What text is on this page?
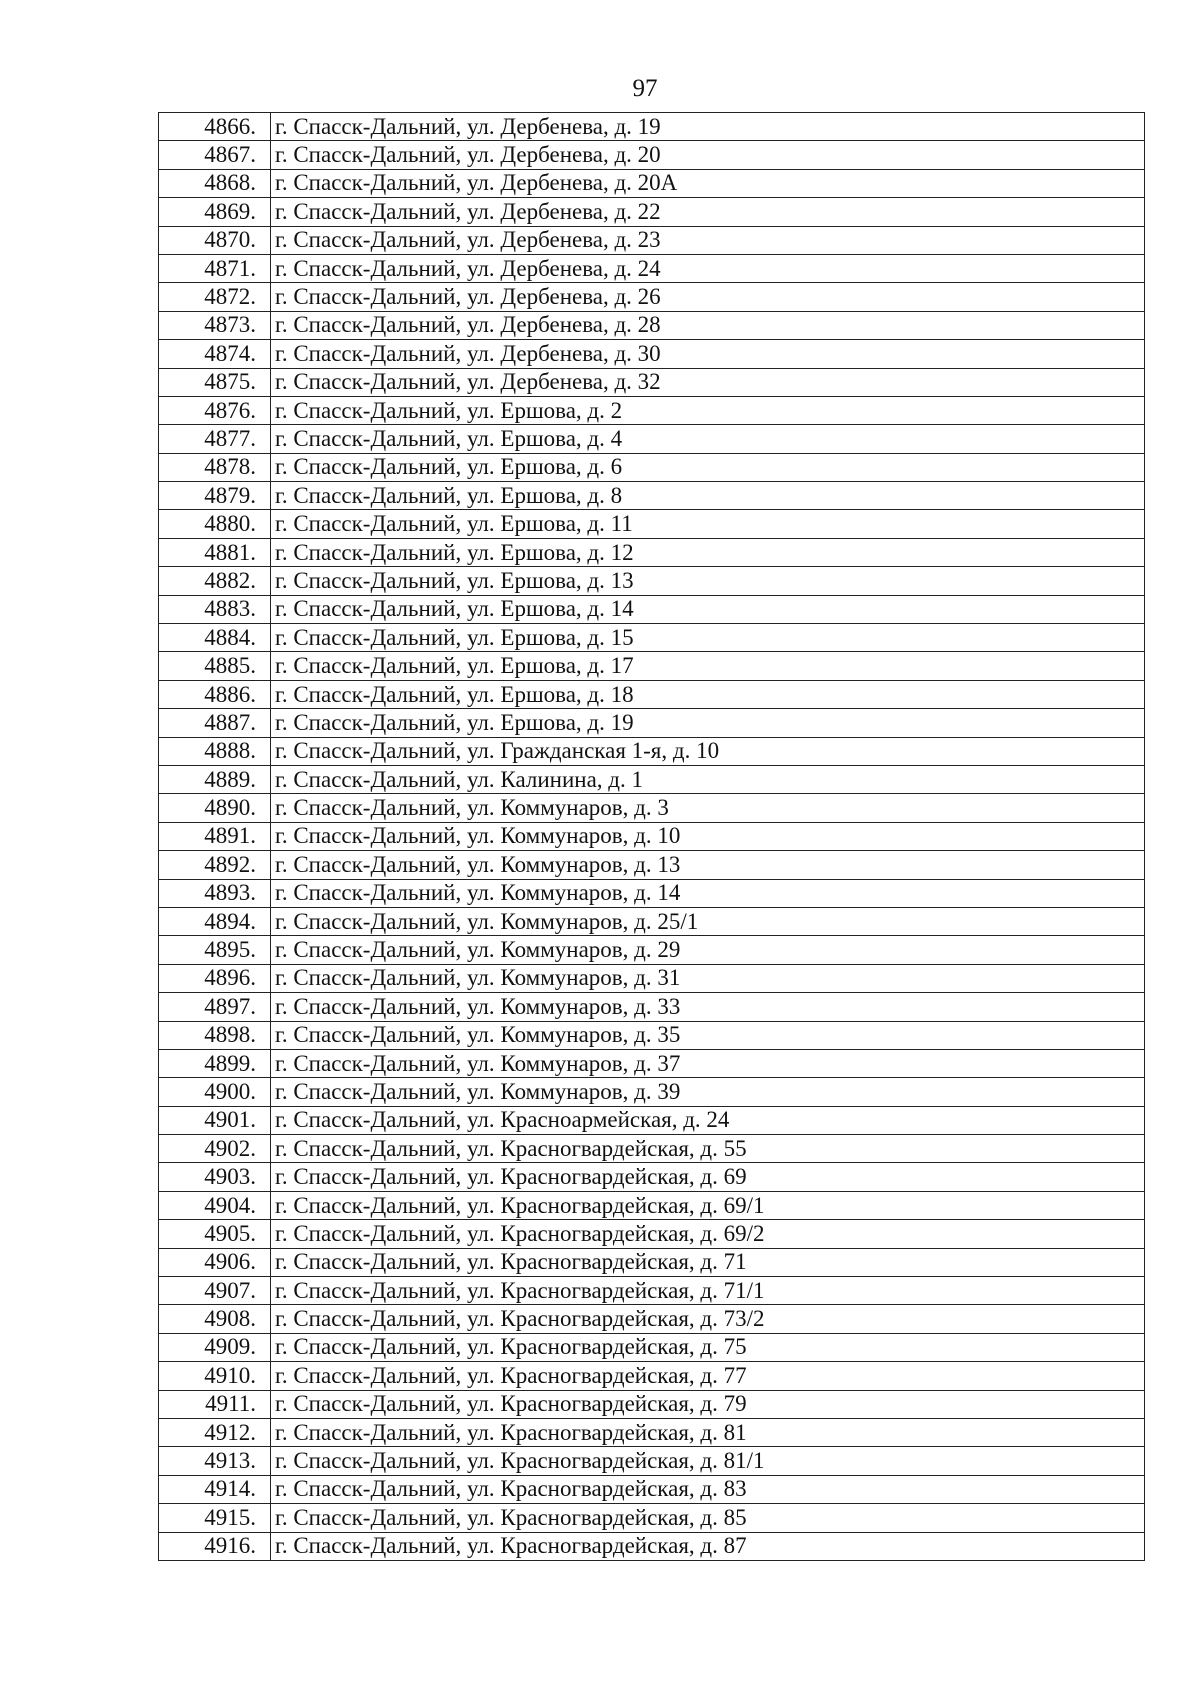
97
4866.	г. Спасск-Дальний, ул. Дербенева, д. 19
4867.	г. Спасск-Дальний, ул. Дербенева, д. 20
4868.	г. Спасск-Дальний, ул. Дербенева, д. 20А
4869.	г. Спасск-Дальний, ул. Дербенева, д. 22
4870.	г. Спасск-Дальний, ул. Дербенева, д. 23
4871.	г. Спасск-Дальний, ул. Дербенева, д. 24
4872.	г. Спасск-Дальний, ул. Дербенева, д. 26
4873.	г. Спасск-Дальний, ул. Дербенева, д. 28
4874.	г. Спасск-Дальний, ул. Дербенева, д. 30
4875.	г. Спасск-Дальний, ул. Дербенева, д. 32
4876.	г. Спасск-Дальний, ул. Ершова, д. 2
4877.	г. Спасск-Дальний, ул. Ершова, д. 4
4878.	г. Спасск-Дальний, ул. Ершова, д. 6
4879.	г. Спасск-Дальний, ул. Ершова, д. 8
4880.	г. Спасск-Дальний, ул. Ершова, д. 11
4881.	г. Спасск-Дальний, ул. Ершова, д. 12
4882.	г. Спасск-Дальний, ул. Ершова, д. 13
4883.	г. Спасск-Дальний, ул. Ершова, д. 14
4884.	г. Спасск-Дальний, ул. Ершова, д. 15
4885.	г. Спасск-Дальний, ул. Ершова, д. 17
4886.	г. Спасск-Дальний, ул. Ершова, д. 18
4887.	г. Спасск-Дальний, ул. Ершова, д. 19
4888.	г. Спасск-Дальний, ул. Гражданская 1-я, д. 10
4889.	г. Спасск-Дальний, ул. Калинина, д. 1
4890.	г. Спасск-Дальний, ул. Коммунаров, д. 3
4891.	г. Спасск-Дальний, ул. Коммунаров, д. 10
4892.	г. Спасск-Дальний, ул. Коммунаров, д. 13
4893.	г. Спасск-Дальний, ул. Коммунаров, д. 14
4894.	г. Спасск-Дальний, ул. Коммунаров, д. 25/1
4895.	г. Спасск-Дальний, ул. Коммунаров, д. 29
4896.	г. Спасск-Дальний, ул. Коммунаров, д. 31
4897.	г. Спасск-Дальний, ул. Коммунаров, д. 33
4898.	г. Спасск-Дальний, ул. Коммунаров, д. 35
4899.	г. Спасск-Дальний, ул. Коммунаров, д. 37
4900.	г. Спасск-Дальний, ул. Коммунаров, д. 39
4901.	г. Спасск-Дальний, ул. Красноармейская, д. 24
4902.	г. Спасск-Дальний, ул. Красногвардейская, д. 55
4903.	г. Спасск-Дальний, ул. Красногвардейская, д. 69
4904.	г. Спасск-Дальний, ул. Красногвардейская, д. 69/1
4905.	г. Спасск-Дальний, ул. Красногвардейская, д. 69/2
4906.	г. Спасск-Дальний, ул. Красногвардейская, д. 71
4907.	г. Спасск-Дальний, ул. Красногвардейская, д. 71/1
4908.	г. Спасск-Дальний, ул. Красногвардейская, д. 73/2
4909.	г. Спасск-Дальний, ул. Красногвардейская, д. 75
4910.	г. Спасск-Дальний, ул. Красногвардейская, д. 77
4911.	г. Спасск-Дальний, ул. Красногвардейская, д. 79
4912.	г. Спасск-Дальний, ул. Красногвардейская, д. 81
4913.	г. Спасск-Дальний, ул. Красногвардейская, д. 81/1
4914.	г. Спасск-Дальний, ул. Красногвардейская, д. 83
4915.	г. Спасск-Дальний, ул. Красногвардейская, д. 85
4916.	г. Спасск-Дальний, ул. Красногвардейская, д. 87
